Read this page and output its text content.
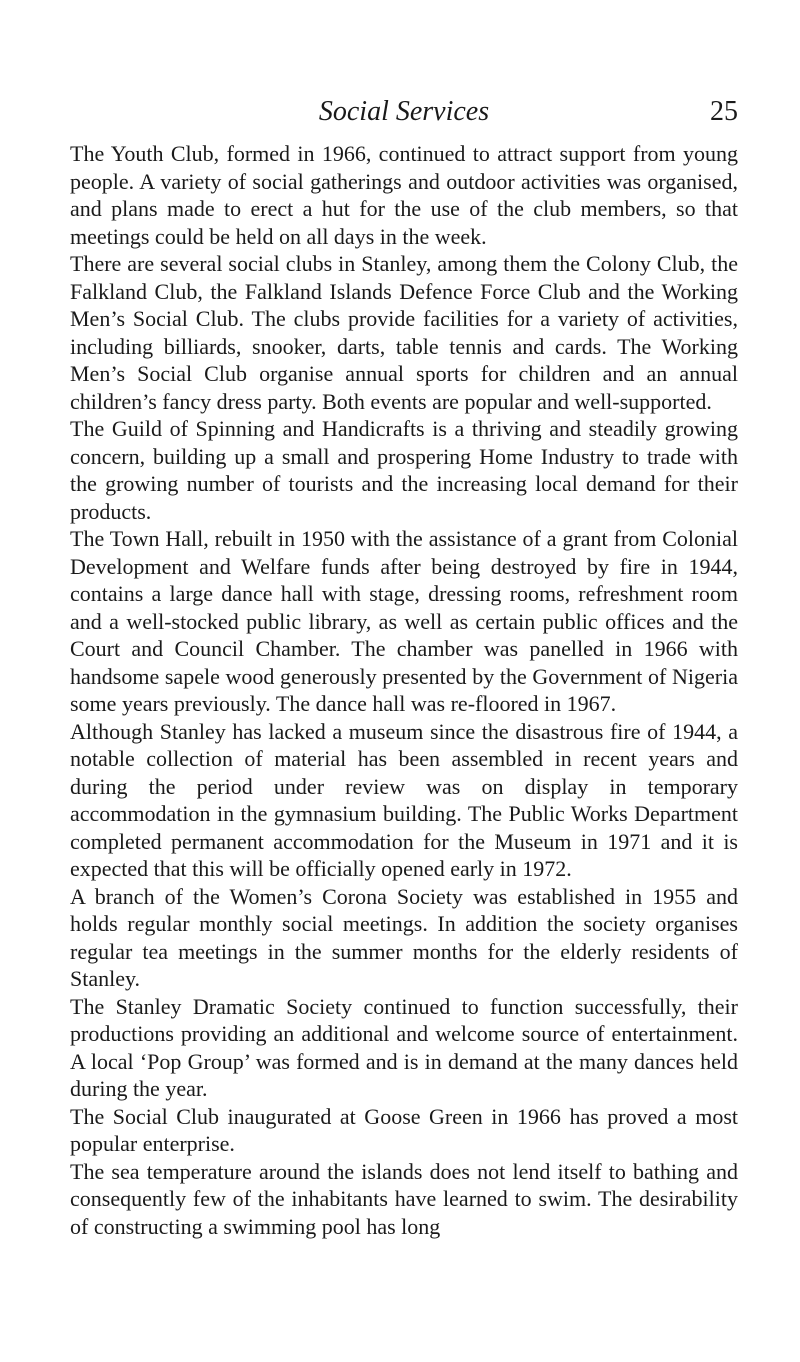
Social Services	25

The Youth Club, formed in 1966, continued to attract support from young people. A variety of social gatherings and outdoor activities was organised, and plans made to erect a hut for the use of the club members, so that meetings could be held on all days in the week.

There are several social clubs in Stanley, among them the Colony Club, the Falkland Club, the Falkland Islands Defence Force Club and the Working Men’s Social Club. The clubs provide facilities for a variety of activities, including billiards, snooker, darts, table tennis and cards. The Working Men’s Social Club organise annual sports for children and an annual children’s fancy dress party. Both events are popular and well-supported.

The Guild of Spinning and Handicrafts is a thriving and steadily growing concern, building up a small and prospering Home Industry to trade with the growing number of tourists and the increasing local demand for their products.

The Town Hall, rebuilt in 1950 with the assistance of a grant from Colonial Development and Welfare funds after being destroyed by fire in 1944, contains a large dance hall with stage, dressing rooms, refreshment room and a well-stocked public library, as well as certain public offices and the Court and Council Chamber. The chamber was panelled in 1966 with handsome sapele wood generously presented by the Government of Nigeria some years previously. The dance hall was re-floored in 1967.

Although Stanley has lacked a museum since the disastrous fire of 1944, a notable collection of material has been assembled in recent years and during the period under review was on display in temporary accommodation in the gymnasium building. The Public Works Department completed permanent accommodation for the Museum in 1971 and it is expected that this will be officially opened early in 1972.

A branch of the Women’s Corona Society was established in 1955 and holds regular monthly social meetings. In addition the society organises regular tea meetings in the summer months for the elderly residents of Stanley.

The Stanley Dramatic Society continued to function successfully, their productions providing an additional and welcome source of entertainment. A local ‘Pop Group’ was formed and is in demand at the many dances held during the year.

The Social Club inaugurated at Goose Green in 1966 has proved a most popular enterprise.

The sea temperature around the islands does not lend itself to bathing and consequently few of the inhabitants have learned to swim. The desirability of constructing a swimming pool has long
